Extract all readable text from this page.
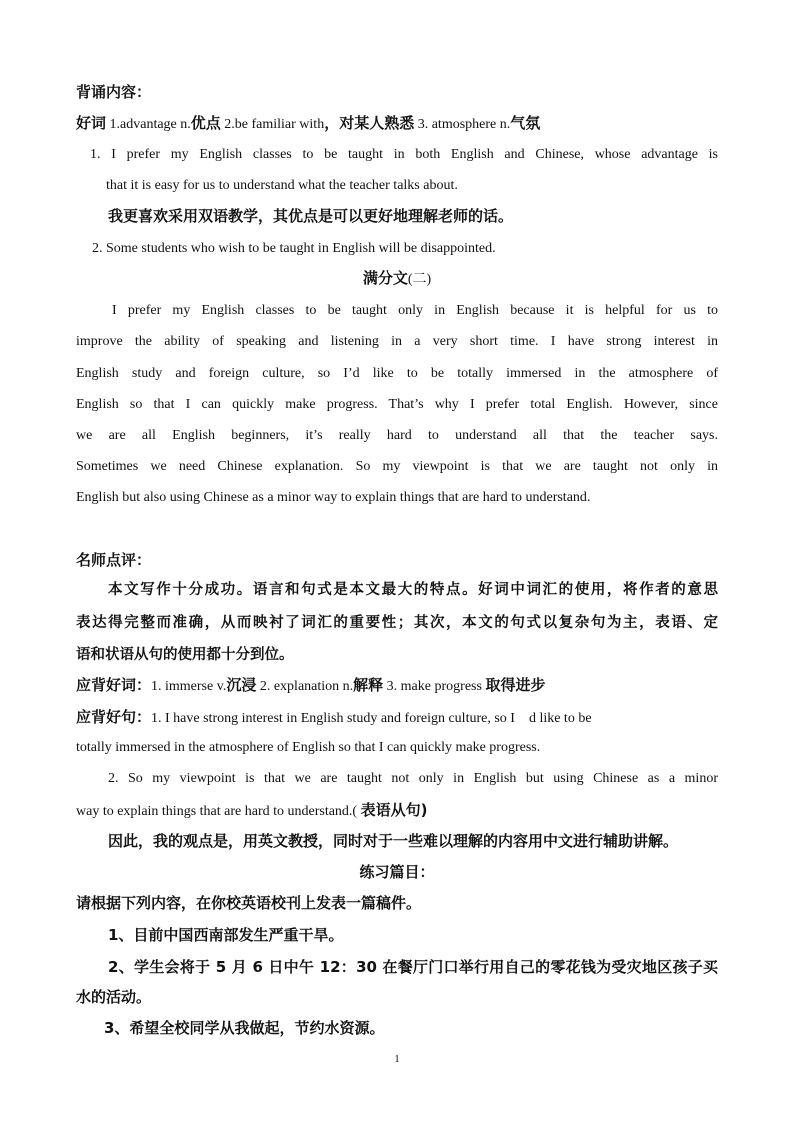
背诵内容：
好词 1.advantage n.优点 2.be familiar with，对某人熟悉 3. atmosphere n.气氛
1. I prefer my English classes to be taught in both English and Chinese, whose advantage is
that it is easy for us to understand what the teacher talks about.
我更喜欢采用双语教学，其优点是可以更好地理解老师的话。
2. Some students who wish to be taught in English will be disappointed.
满分文(二)
I prefer my English classes to be taught only in English because it is helpful for us to
improve the ability of speaking and listening in a very short time. I have strong interest in
English study and foreign culture, so I’d like to be totally immersed in the atmosphere of
English so that I can quickly make progress. That’s why I prefer total English. However, since
we are all English beginners, it’s really hard to understand all that the teacher says.
Sometimes we need Chinese explanation. So my viewpoint is that we are taught not only in
English but also using Chinese as a minor way to explain things that are hard to understand.
名师点评：
本文写作十分成功。语言和句式是本文最大的特点。好词中词汇的使用，将作者的意思
表达得完整而准确，从而映衬了词汇的重要性；其次，本文的句式以复杂句为主，表语、定
语和状语从句的使用都十分到位。
应背好词：1. immerse v.沉浸 2. explanation n.解释 3. make progress 取得进步
应背好句：1. I have strong interest in English study and foreign culture, so I    d like to be
totally immersed in the atmosphere of English so that I can quickly make progress.
2. So my viewpoint is that we are taught not only in English but using Chinese as a minor
way to explain things that are hard to understand.( 表语从句)
因此，我的观点是，用英文教授，同时对于一些难以理解的内容用中文进行辅助讲解。
练习篇目：
请根据下列内容，在你校英语校刊上发表一篇稿件。
1、目前中国西南部发生严重干旱。
2、学生会将于 5 月 6 日中午 12：30 在餐厅门口举行用自己的零花钱为受灾地区孩子买
水的活动。
3、希望全校同学从我做起，节约水资源。
1
